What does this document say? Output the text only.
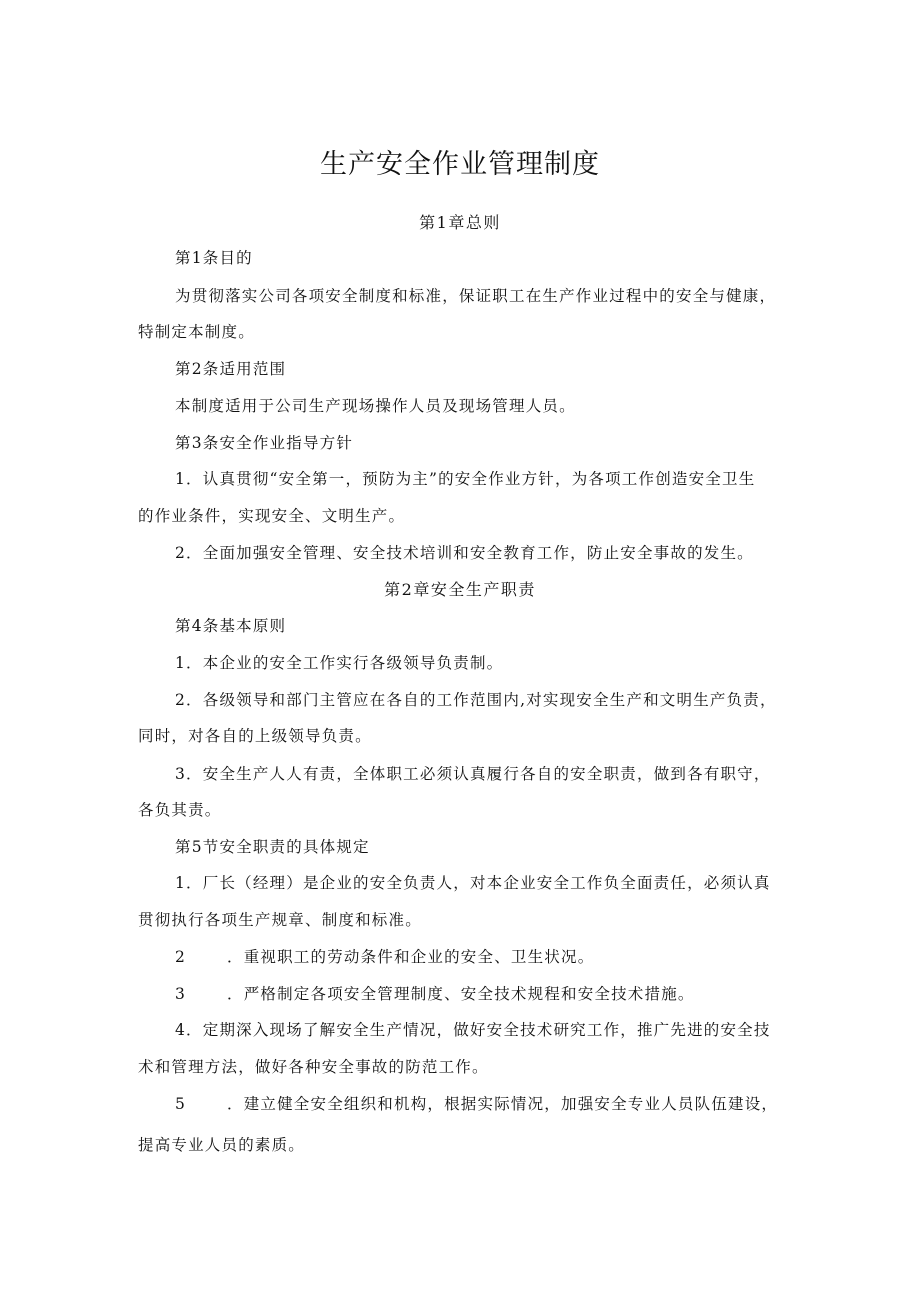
生产安全作业管理制度
第1章总则
第1条目的
为贯彻落实公司各项安全制度和标准，保证职工在生产作业过程中的安全与健康，
特制定本制度。
第2条适用范围
本制度适用于公司生产现场操作人员及现场管理人员。
第3条安全作业指导方针
1．认真贯彻“安全第一，预防为主”的安全作业方针，为各项工作创造安全卫生
的作业条件，实现安全、文明生产。
2．全面加强安全管理、安全技术培训和安全教育工作，防止安全事故的发生。
第2章安全生产职责
第4条基本原则
1．本企业的安全工作实行各级领导负责制。
2．各级领导和部门主管应在各自的工作范围内,对实现安全生产和文明生产负责，
同时，对各自的上级领导负责。
3．安全生产人人有责，全体职工必须认真履行各自的安全职责，做到各有职守，
各负其责。
第5节安全职责的具体规定
1．厂长（经理）是企业的安全负责人，对本企业安全工作负全面责任，必须认真
贯彻执行各项生产规章、制度和标准。
2	．重视职工的劳动条件和企业的安全、卫生状况。
3	．严格制定各项安全管理制度、安全技术规程和安全技术措施。
4．定期深入现场了解安全生产情况，做好安全技术研究工作，推广先进的安全技
术和管理方法，做好各种安全事故的防范工作。
5	．建立健全安全组织和机构，根据实际情况，加强安全专业人员队伍建设，
提高专业人员的素质。
